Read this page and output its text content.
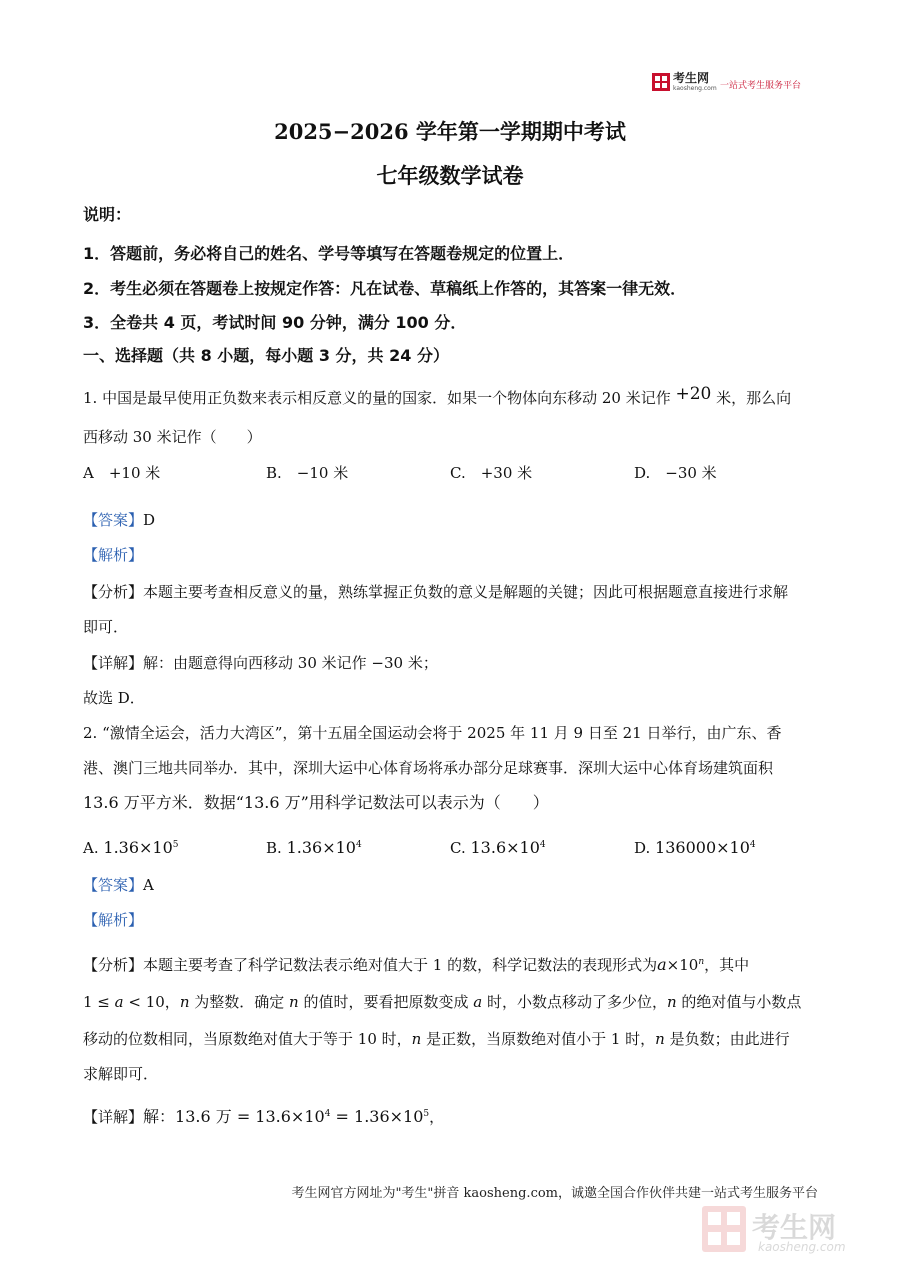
考生网
kaosheng.com 一站式考生服务平台
2025−2026 学年第一学期期中考试
七年级数学试卷
说明：
1．答题前，务必将自己的姓名、学号等填写在答题卷规定的位置上．
2．考生必须在答题卷上按规定作答：凡在试卷、草稿纸上作答的，其答案一律无效．
3．全卷共 4 页，考试时间 90 分钟，满分 100 分．
一、选择题（共 8 小题，每小题 3 分，共 24 分）
1. 中国是最早使用正负数来表示相反意义的量的国家．如果一个物体向东移动 20 米记作 +20 米，那么向
西移动 30 米记作（　　）
A　+10 米	B.　−10 米	C.　+30 米	D.　−30 米
【答案】D
【解析】
【分析】本题主要考查相反意义的量，熟练掌握正负数的意义是解题的关键；因此可根据题意直接进行求解
即可．
【详解】解：由题意得向西移动 30 米记作 −30 米；
故选 D．
2. “激情全运会，活力大湾区”，第十五届全国运动会将于 2025 年 11 月 9 日至 21 日举行，由广东、香
港、澳门三地共同举办．其中，深圳大运中心体育场将承办部分足球赛事．深圳大运中心体育场建筑面积
13.6 万平方米．数据“13.6 万”用科学记数法可以表示为（　　）
A. $1.36\times 10^5$	B. $1.36\times 10^4$	C. $13.6\times 10^4$	D. $136000\times 10^4$
【答案】A
【解析】
【分析】本题主要考查了科学记数法表示绝对值大于 1 的数，科学记数法的表现形式为$a\times 10^n$，其中
1 ≤ a < 10，n 为整数．确定 n 的值时，要看把原数变成 a 时，小数点移动了多少位，n 的绝对值与小数点
移动的位数相同，当原数绝对值大于等于 10 时，n 是正数，当原数绝对值小于 1 时，n 是负数；由此进行
求解即可．
【详解】解：13.6 万 = $13.6\times 10^4 = 1.36\times 10^5$，
考生网官方网址为"考生"拼音 kaosheng.com，诚邀全国合作伙伴共建一站式考生服务平台
考生网
kaosheng.com
